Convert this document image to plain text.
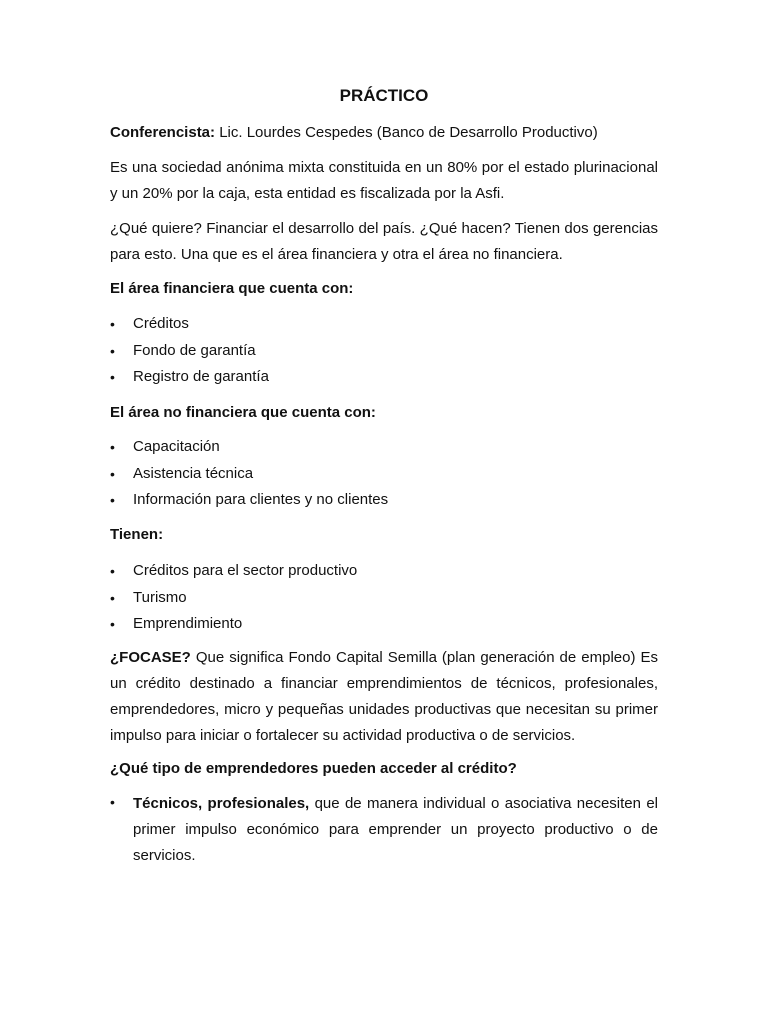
PRÁCTICO

Conferencista: Lic. Lourdes Cespedes (Banco de Desarrollo Productivo)

Es una sociedad anónima mixta constituida en un 80% por el estado plurinacional y un 20% por la caja, esta entidad es fiscalizada por la Asfi.

¿Qué quiere? Financiar el desarrollo del país. ¿Qué hacen? Tienen dos gerencias para esto. Una que es el área financiera y otra el área no financiera.

El área financiera que cuenta con:

•	Créditos
•	Fondo de garantía
•	Registro de garantía

El área no financiera que cuenta con:

•	Capacitación
•	Asistencia técnica
•	Información para clientes y no clientes

Tienen:

•	Créditos para el sector productivo
•	Turismo
•	Emprendimiento

¿FOCASE? Que significa Fondo Capital Semilla (plan generación de empleo) Es un crédito destinado a financiar emprendimientos de técnicos, profesionales, emprendedores, micro y pequeñas unidades productivas que necesitan su primer impulso para iniciar o fortalecer su actividad productiva o de servicios.

¿Qué tipo de emprendedores pueden acceder al crédito?

• Técnicos, profesionales, que de manera individual o asociativa necesiten el primer impulso económico para emprender un proyecto productivo o de servicios.
